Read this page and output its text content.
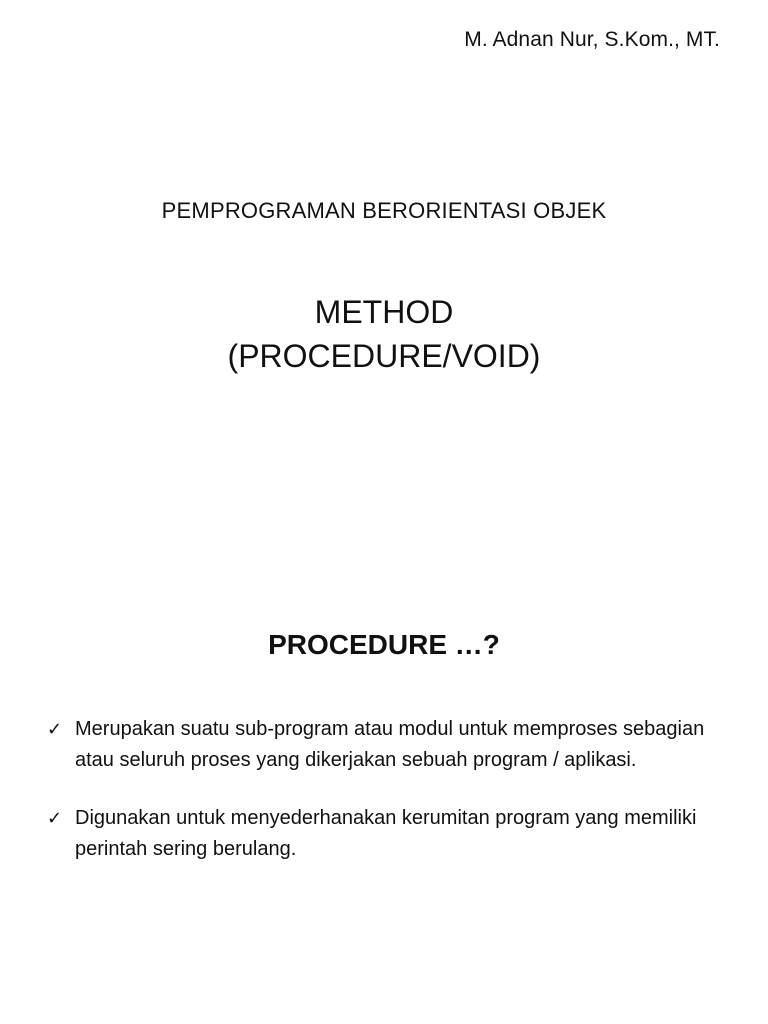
M. Adnan Nur, S.Kom., MT.
PEMPROGRAMAN BERORIENTASI OBJEK
METHOD
(PROCEDURE/VOID)
PROCEDURE …?
✓ Merupakan suatu sub-program atau modul untuk memproses sebagian atau seluruh proses yang dikerjakan sebuah program / aplikasi.
✓ Digunakan untuk menyederhanakan kerumitan program yang memiliki perintah sering berulang.
